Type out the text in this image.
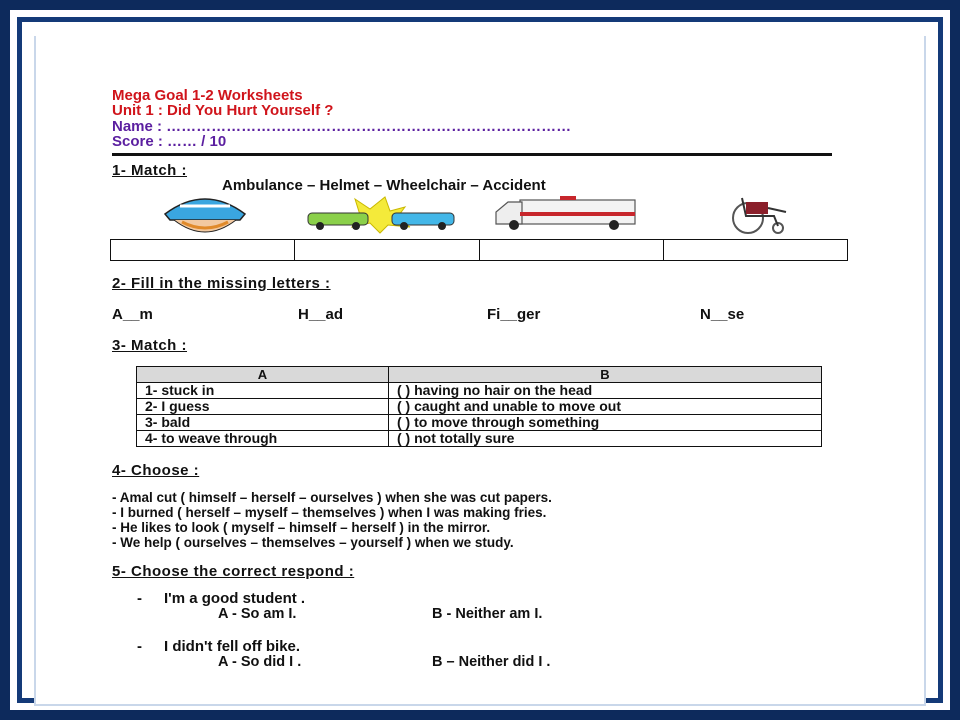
Mega Goal 1-2 Worksheets
Unit 1 : Did You Hurt Yourself ?
Name : ………………………………………………………………………
Score : …… / 10
1- Match :
Ambulance – Helmet – Wheelchair – Accident
2- Fill in the missing letters :
A__m	H__ad	Fi__ger	N__se
3- Match :
A	B
1- stuck in	( ) having no hair on the head
2- I guess	( ) caught and unable to move out
3- bald	( ) to move through something
4- to weave through	( ) not totally sure
4- Choose :
- Amal cut ( himself – herself – ourselves ) when she was cut papers.
- I burned ( herself – myself – themselves ) when I was making fries.
- He likes to look ( myself – himself – herself ) in the mirror.
- We help ( ourselves – themselves – yourself ) when we study.
5- Choose the correct respond :
- I'm a good student .
A - So am I.	B - Neither am I.
- I didn't fell off bike.
A - So did I .	B – Neither did I .
